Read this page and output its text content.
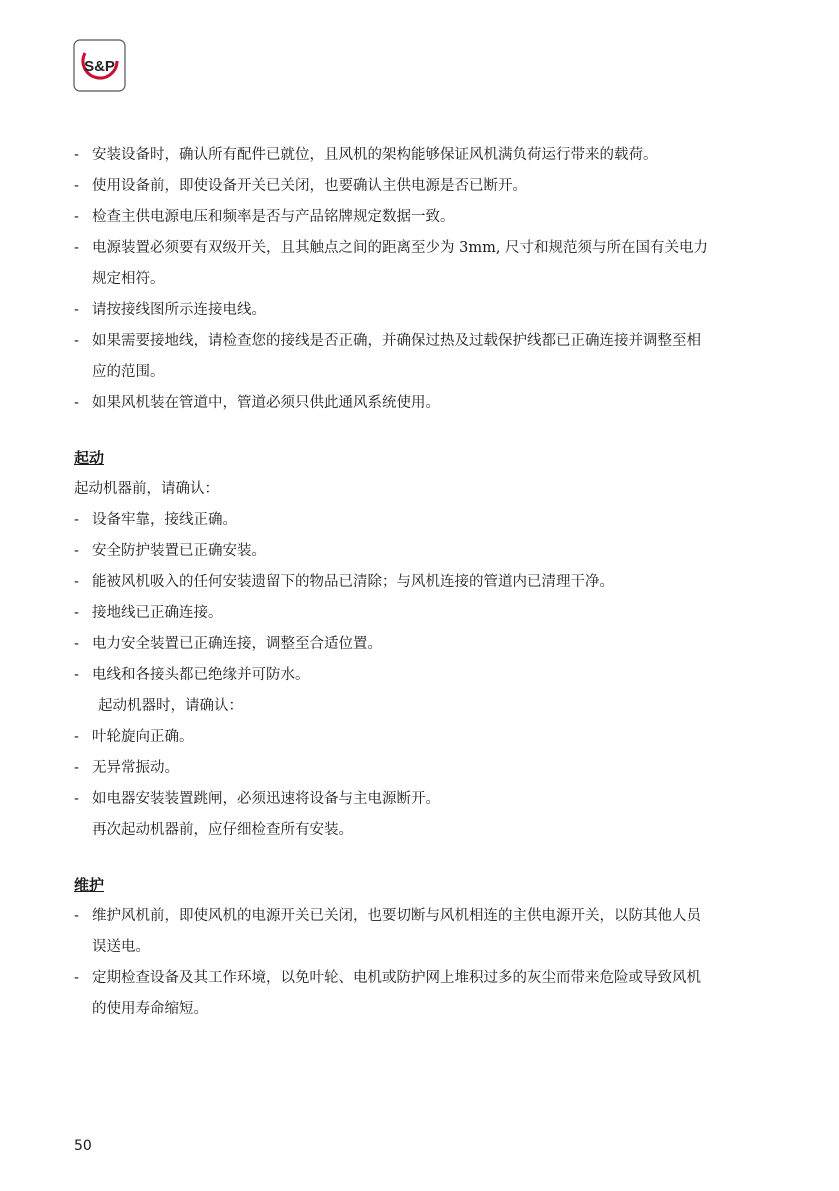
S&P
- 安装设备时，确认所有配件已就位，且风机的架构能够保证风机满负荷运行带来的载荷。
- 使用设备前，即使设备开关已关闭，也要确认主供电源是否已断开。
- 检查主供电源电压和频率是否与产品铭牌规定数据一致。
- 电源装置必须要有双级开关，且其触点之间的距离至少为 3mm, 尺寸和规范须与所在国有关电力规定相符。
- 请按接线图所示连接电线。
- 如果需要接地线，请检查您的接线是否正确，并确保过热及过载保护线都已正确连接并调整至相应的范围。
- 如果风机装在管道中，管道必须只供此通风系统使用。
起动
起动机器前，请确认：
- 设备牢靠，接线正确。
- 安全防护装置已正确安装。
- 能被风机吸入的任何安装遗留下的物品已清除；与风机连接的管道内已清理干净。
- 接地线已正确连接。
- 电力安全装置已正确连接，调整至合适位置。
- 电线和各接头都已绝缘并可防水。
起动机器时，请确认：
- 叶轮旋向正确。
- 无异常振动。
- 如电器安装装置跳闸，必须迅速将设备与主电源断开。
再次起动机器前，应仔细检查所有安装。
维护
- 维护风机前，即使风机的电源开关已关闭，也要切断与风机相连的主供电源开关，以防其他人员误送电。
- 定期检查设备及其工作环境，以免叶轮、电机或防护网上堆积过多的灰尘而带来危险或导致风机的使用寿命缩短。
50
